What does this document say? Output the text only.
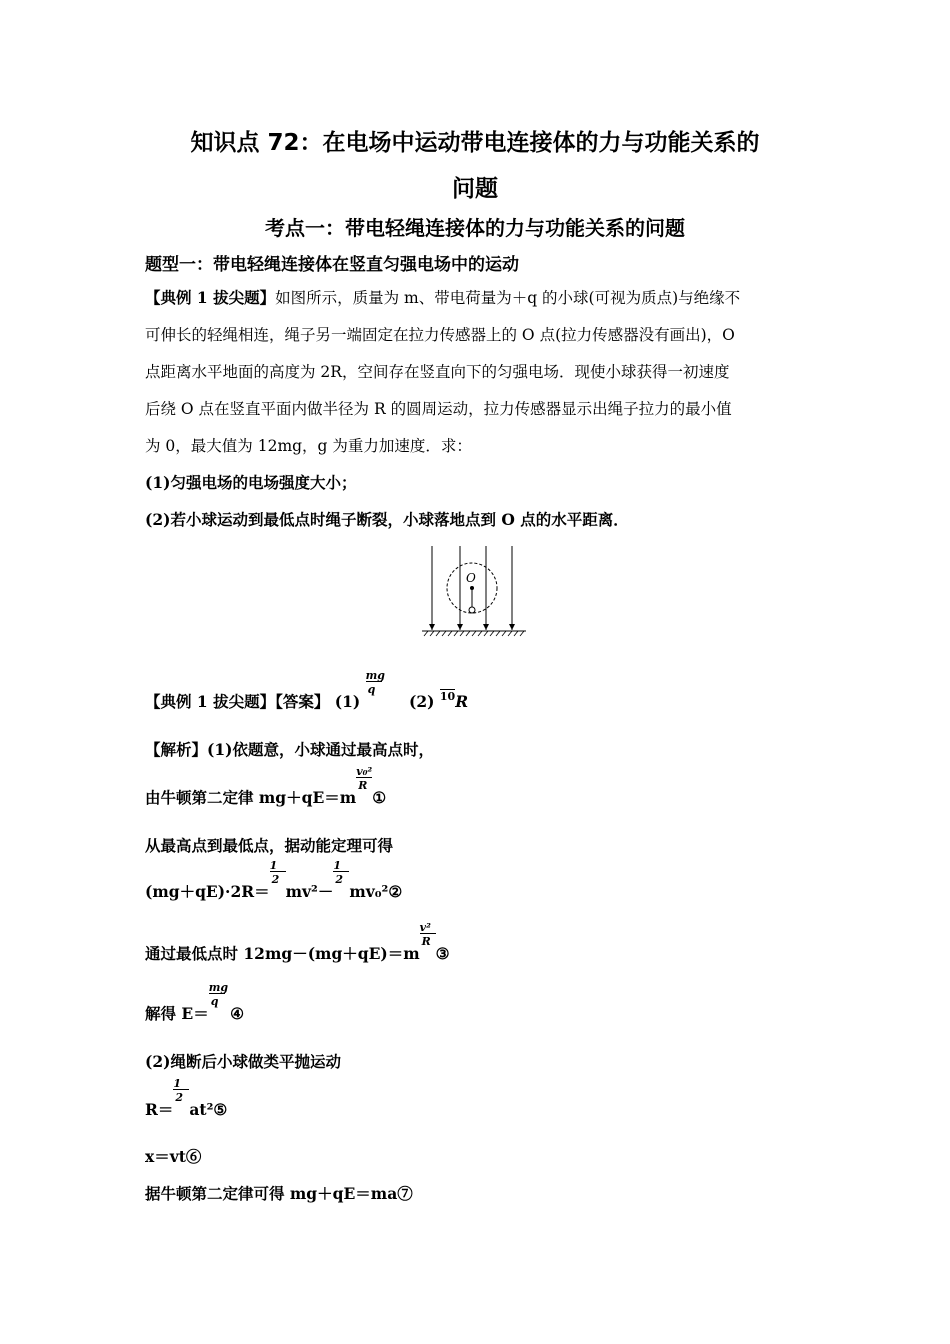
知识点 72：在电场中运动带电连接体的力与功能关系的
问题
考点一：带电轻绳连接体的力与功能关系的问题
题型一：带电轻绳连接体在竖直匀强电场中的运动
【典例 1 拔尖题】如图所示，质量为 m、带电荷量为＋q 的小球(可视为质点)与绝缘不
可伸长的轻绳相连，绳子另一端固定在拉力传感器上的 O 点(拉力传感器没有画出)，O
点距离水平地面的高度为 2R，空间存在竖直向下的匀强电场．现使小球获得一初速度
后绕 O 点在竖直平面内做半径为 R 的圆周运动，拉力传感器显示出绳子拉力的最小值
为 0，最大值为 12mg，g 为重力加速度．求：
(1)匀强电场的电场强度大小；
(2)若小球运动到最低点时绳子断裂，小球落地点到 O 点的水平距离．
O
【典例 1 拔尖题】【答案】 $(1) \frac{mg}{q} (2)$ $^{10}$R
【解析】(1)依题意，小球通过最高点时，
由牛顿第二定律 $mg+qE=m \frac{\text{v₀²}}{R}$ ①
从最高点到最低点，据动能定理可得
$(mg+qE)\cdot 2R= \frac{1}{2} mv^2- \frac{1}{2}$ mv₀²②
通过最低点时 $12mg-(mg+qE)=m \frac{\text{v²}}{R}$ ③
解得 $E= \frac{mg}{q}$ ④
(2)绳断后小球做类平抛运动
$R= \frac{1}{2}$ at²⑤
x＝vt⑥
据牛顿第二定律可得 mg＋qE＝ma⑦
